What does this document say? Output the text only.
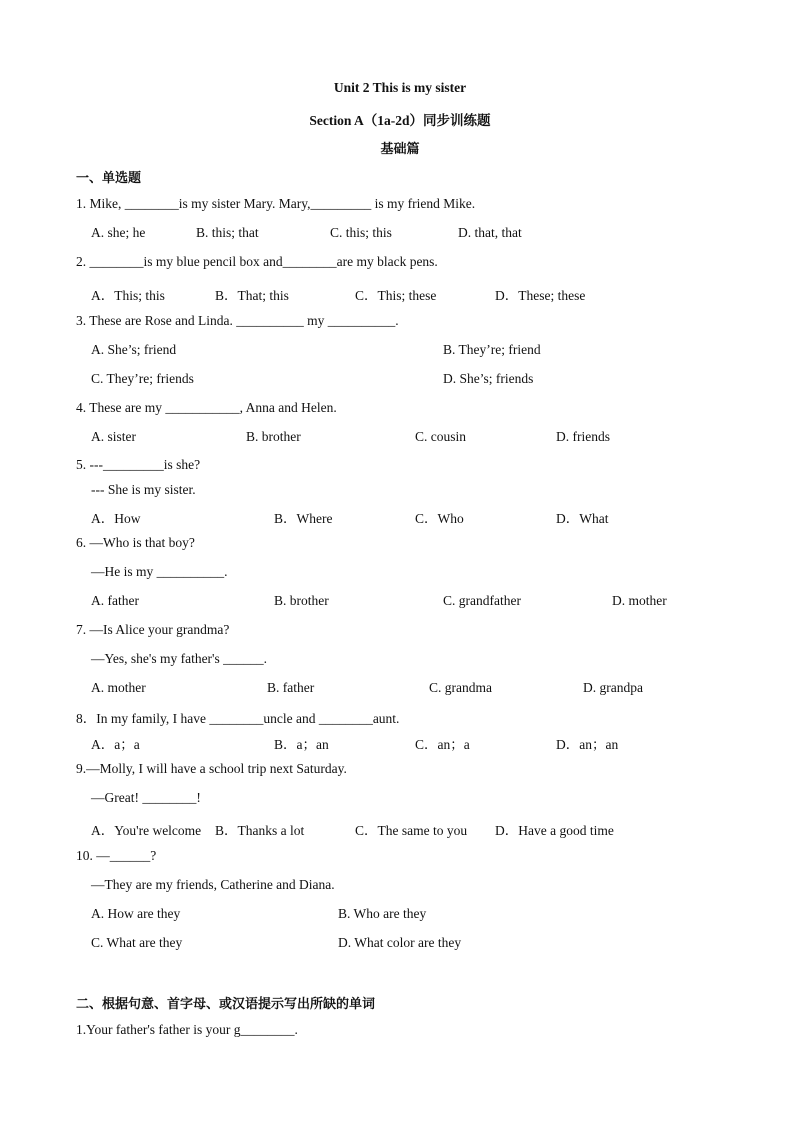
Unit 2 This is my sister
Section A（1a-2d）同步训练题
基础篇
一、单选题
1. Mike, ________is my sister Mary. Mary,_________ is my friend Mike.
A. she; he	B. this; that	C. this; this	D. that, that
2. ________is my blue pencil box and________are my black pens.
A．This; this	B．That; this	C．This; these	D．These; these
3. These are Rose and Linda. __________ my __________.
A. She’s; friend	B. They’re; friend
C. They’re; friends	D. She’s; friends
4. These are my ___________, Anna and Helen.
A. sister	B. brother	C. cousin	D. friends
5. ---_________is she?
--- She is my sister.
A．How	B．Where	C．Who	D．What
6. —Who is that boy?
—He is my __________.
A. father	B. brother	C. grandfather	D. mother
7. —Is Alice your grandma?
—Yes, she's my father's ______.
A. mother	B. father	C. grandma	D. grandpa
8．In my family, I have ________uncle and ________aunt.
A．a；a	B．a；an	C．an；a	D．an；an
9.—Molly, I will have a school trip next Saturday.
—Great! ________!
A．You're welcome B．Thanks a lot	C．The same to you D．Have a good time
10. —______?
—They are my friends, Catherine and Diana.
A. How are they	B. Who are they
C. What are they	D. What color are they
二、根据句意、首字母、或汉语提示写出所缺的单词
1.Your father's father is your g________.
